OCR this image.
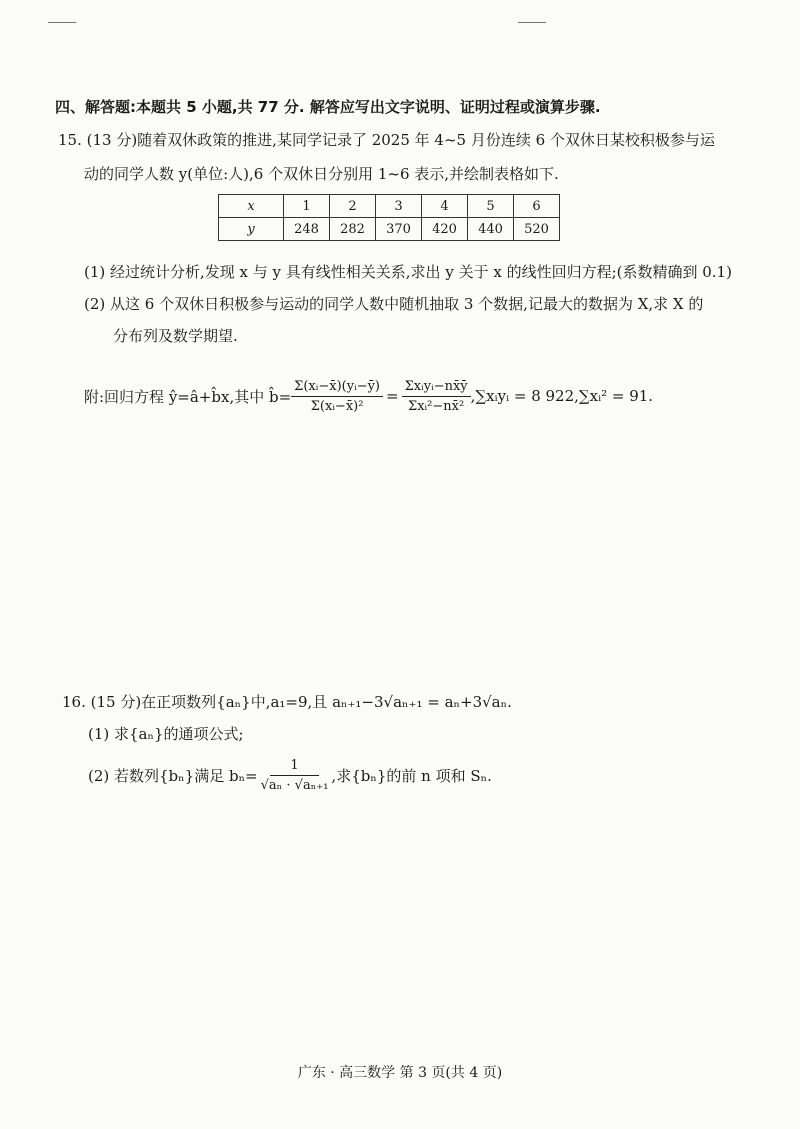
四、解答题:本题共 5 小题,共 77 分. 解答应写出文字说明、证明过程或演算步骤.
15. (13 分)随着双休政策的推进,某同学记录了 2025 年 4~5 月份连续 6 个双休日某校积极参与运
动的同学人数 y(单位:人),6 个双休日分别用 1~6 表示,并绘制表格如下.
x	1	2	3	4	5	6
y	248	282	370	420	440	520
(1) 经过统计分析,发现 x 与 y 具有线性相关关系,求出 y 关于 x 的线性回归方程;(系数精确到 0.1)
(2) 从这 6 个双休日积极参与运动的同学人数中随机抽取 3 个数据,记最大的数据为 X,求 X 的
分布列及数学期望.
附:回归方程 ŷ=â+b̂x,其中 b̂= $\frac{\text{Σ(xᵢ−x̄)(yᵢ−ȳ)}}{\text{Σ(xᵢ−x̄)²}} = \frac{\text{Σxᵢyᵢ−nx̄ȳ}}{\text{Σxᵢ²−nx̄²}}$ ,∑xᵢyᵢ = 8 922,∑xᵢ² = 91.
16. (15 分)在正项数列{aₙ}中,a₁=9,且 aₙ₊₁−3√aₙ₊₁ = aₙ+3√aₙ.
(1) 求{aₙ}的通项公式;
(2) 若数列{bₙ}满足 $b_n= \frac{1}{\text{√aₙ · √aₙ₊₁}}$ ,求{bₙ}的前 n 项和 Sₙ.
广东 · 高三数学 第 3 页(共 4 页)
